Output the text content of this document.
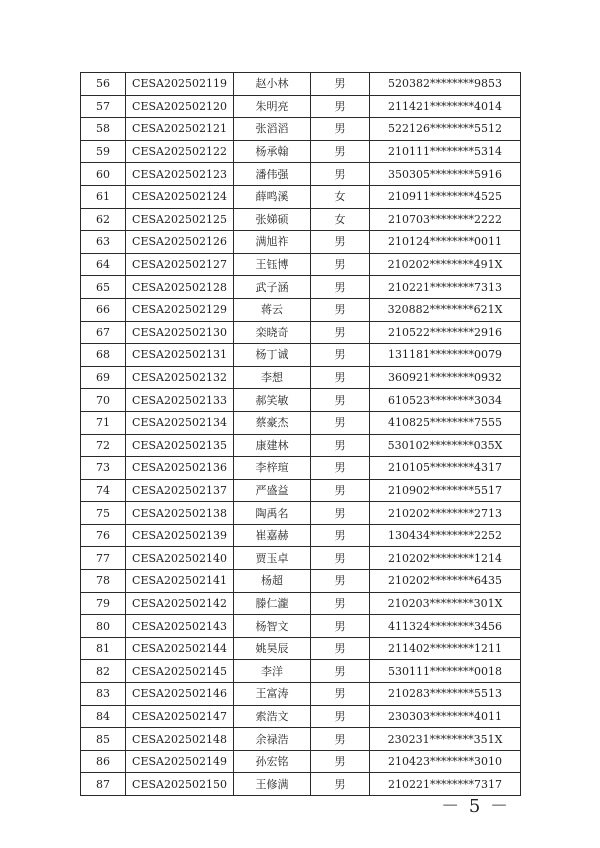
56	CESA202502119	赵小林	男	520382********9853
57	CESA202502120	朱明亮	男	211421********4014
58	CESA202502121	张滔滔	男	522126********5512
59	CESA202502122	杨承翰	男	210111********5314
60	CESA202502123	潘伟强	男	350305********5916
61	CESA202502124	薛鸣溪	女	210911********4525
62	CESA202502125	张娣硕	女	210703********2222
63	CESA202502126	满旭祚	男	210124********0011
64	CESA202502127	王钰博	男	210202********491X
65	CESA202502128	武子涵	男	210221********7313
66	CESA202502129	蒋云	男	320882********621X
67	CESA202502130	栾晓奇	男	210522********2916
68	CESA202502131	杨丁诚	男	131181********0079
69	CESA202502132	李想	男	360921********0932
70	CESA202502133	郝笑敏	男	610523********3034
71	CESA202502134	蔡豪杰	男	410825********7555
72	CESA202502135	康建林	男	530102********035X
73	CESA202502136	李梓瑄	男	210105********4317
74	CESA202502137	严盛益	男	210902********5517
75	CESA202502138	陶禹名	男	210202********2713
76	CESA202502139	崔嘉赫	男	130434********2252
77	CESA202502140	贾玉卓	男	210202********1214
78	CESA202502141	杨超	男	210202********6435
79	CESA202502142	滕仁瀧	男	210203********301X
80	CESA202502143	杨智文	男	411324********3456
81	CESA202502144	姚昊辰	男	211402********1211
82	CESA202502145	李洋	男	530111********0018
83	CESA202502146	王富涛	男	210283********5513
84	CESA202502147	索浩文	男	230303********4011
85	CESA202502148	余禄浩	男	230231********351X
86	CESA202502149	孙宏铭	男	210423********3010
87	CESA202502150	王修满	男	210221********7317
－ 5 －
